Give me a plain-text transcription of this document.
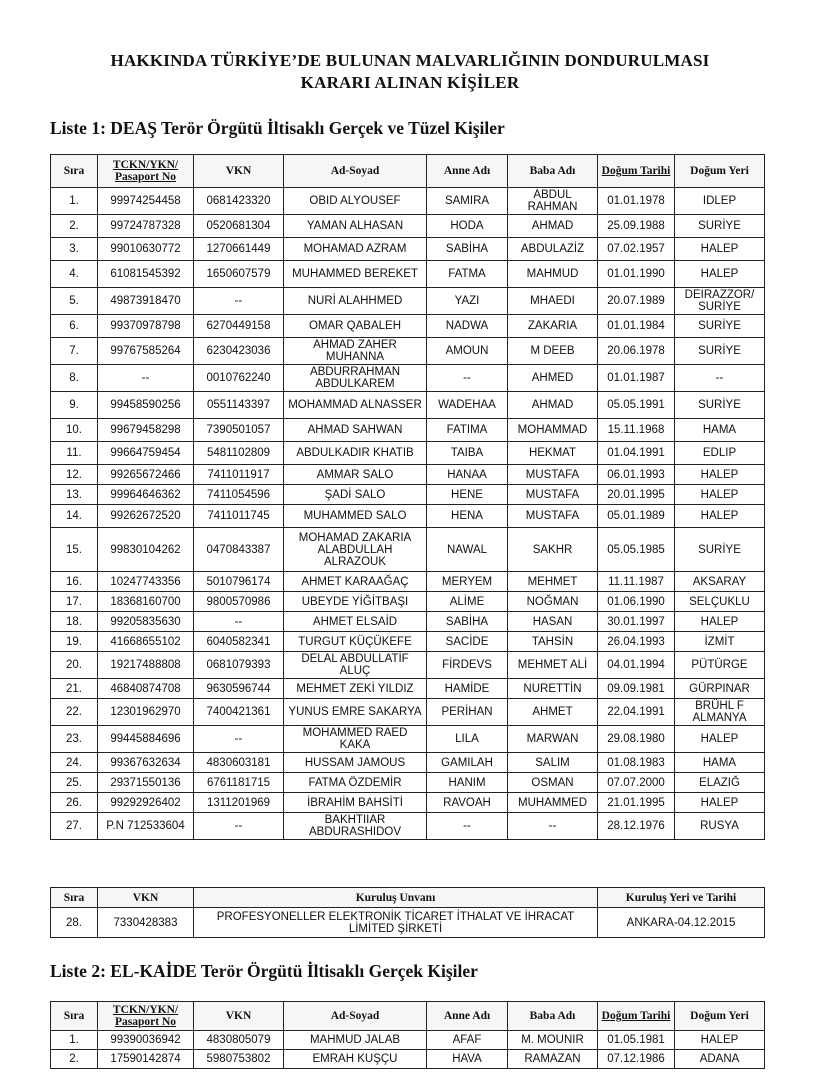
HAKKINDA TÜRKİYE’DE BULUNAN MALVARLIĞININ DONDURULMASI
KARARI ALINAN KİŞİLER
Liste 1: DEAŞ Terör Örgütü İltisaklı Gerçek ve Tüzel Kişiler
Sıra	TCKN/YKN/ Pasaport No	VKN	Ad-Soyad	Anne Adı	Baba Adı	Doğum Tarihi	Doğum Yeri
1.	99974254458	0681423320	OBID ALYOUSEF	SAMIRA	ABDUL RAHMAN	01.01.1978	IDLEP
2.	99724787328	0520681304	YAMAN ALHASAN	HODA	AHMAD	25.09.1988	SURİYE
3.	99010630772	1270661449	MOHAMAD AZRAM	SABİHA	ABDULAZİZ	07.02.1957	HALEP
4.	61081545392	1650607579	MUHAMMED BEREKET	FATMA	MAHMUD	01.01.1990	HALEP
5.	49873918470	--	NURİ ALAHHMED	YAZI	MHAEDI	20.07.1989	DEIRAZZOR/ SURİYE
6.	99370978798	6270449158	OMAR QABALEH	NADWA	ZAKARIA	01.01.1984	SURİYE
7.	99767585264	6230423036	AHMAD ZAHER MUHANNA	AMOUN	M DEEB	20.06.1978	SURİYE
8.	--	0010762240	ABDURRAHMAN ABDULKAREM	--	AHMED	01.01.1987	--
9.	99458590256	0551143397	MOHAMMAD ALNASSER	WADEHAA	AHMAD	05.05.1991	SURİYE
10.	99679458298	7390501057	AHMAD SAHWAN	FATIMA	MOHAMMAD	15.11.1968	HAMA
11.	99664759454	5481102809	ABDULKADIR KHATIB	TAIBA	HEKMAT	01.04.1991	EDLIP
12.	99265672466	7411011917	AMMAR SALO	HANAA	MUSTAFA	06.01.1993	HALEP
13.	99964646362	7411054596	ŞADİ SALO	HENE	MUSTAFA	20.01.1995	HALEP
14.	99262672520	7411011745	MUHAMMED SALO	HENA	MUSTAFA	05.01.1989	HALEP
15.	99830104262	0470843387	MOHAMAD ZAKARIA ALABDULLAH ALRAZOUK	NAWAL	SAKHR	05.05.1985	SURİYE
16.	10247743356	5010796174	AHMET KARAAĞAÇ	MERYEM	MEHMET	11.11.1987	AKSARAY
17.	18368160700	9800570986	UBEYDE YİĞİTBAŞI	ALİME	NOĞMAN	01.06.1990	SELÇUKLU
18.	99205835630	--	AHMET ELSAİD	SABİHA	HASAN	30.01.1997	HALEP
19.	41668655102	6040582341	TURGUT KÜÇÜKEFE	SACİDE	TAHSİN	26.04.1993	İZMİT
20.	19217488808	0681079393	DELAL ABDULLATİF ALUÇ	FİRDEVS	MEHMET ALİ	04.01.1994	PÜTÜRGE
21.	46840874708	9630596744	MEHMET ZEKİ YILDIZ	HAMİDE	NURETTİN	09.09.1981	GÜRPINAR
22.	12301962970	7400421361	YUNUS EMRE SAKARYA	PERİHAN	AHMET	22.04.1991	BRÜHL F ALMANYA
23.	99445884696	--	MOHAMMED RAED KAKA	LILA	MARWAN	29.08.1980	HALEP
24.	99367632634	4830603181	HUSSAM JAMOUS	GAMILAH	SALIM	01.08.1983	HAMA
25.	29371550136	6761181715	FATMA ÖZDEMİR	HANIM	OSMAN	07.07.2000	ELAZIĞ
26.	99292926402	1311201969	İBRAHİM BAHSİTİ	RAVOAH	MUHAMMED	21.01.1995	HALEP
27.	P.N 712533604	--	BAKHTIIAR ABDURASHIDOV	--	--	28.12.1976	RUSYA
Sıra	VKN	Kuruluş Unvanı	Kuruluş Yeri ve Tarihi
28.	7330428383	PROFESYONELLER ELEKTRONİK TİCARET İTHALAT VE İHRACAT LİMİTED ŞİRKETİ	ANKARA-04.12.2015
Liste 2: EL-KAİDE Terör Örgütü İltisaklı Gerçek Kişiler
Sıra	TCKN/YKN/ Pasaport No	VKN	Ad-Soyad	Anne Adı	Baba Adı	Doğum Tarihi	Doğum Yeri
1.	99390036942	4830805079	MAHMUD JALAB	AFAF	M. MOUNIR	01.05.1981	HALEP
2.	17590142874	5980753802	EMRAH KUŞÇU	HAVA	RAMAZAN	07.12.1986	ADANA
